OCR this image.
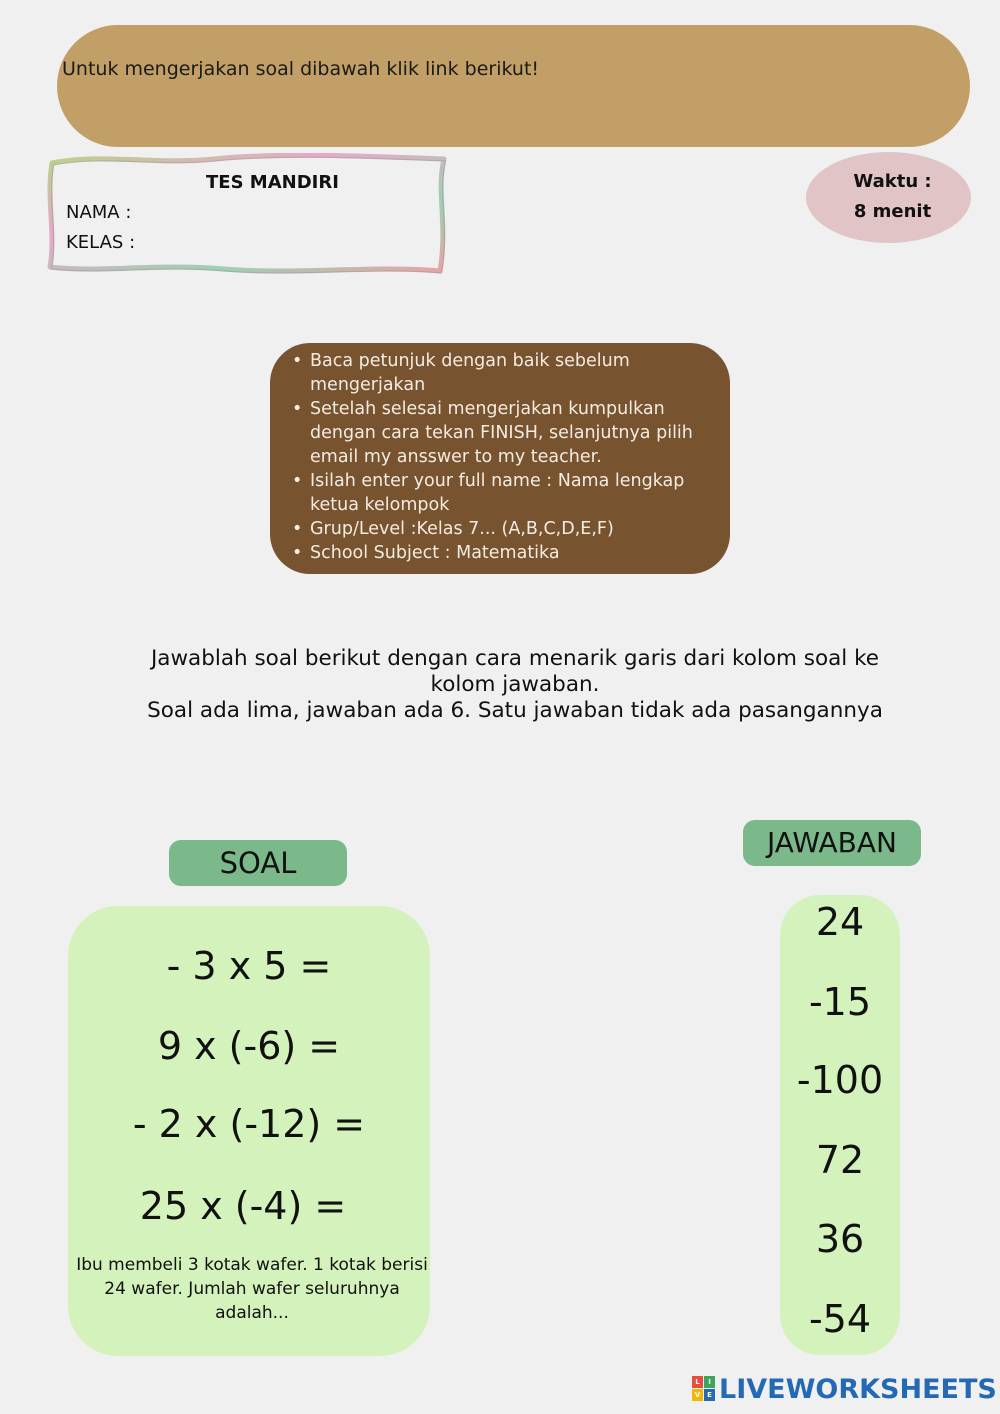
Untuk mengerjakan soal dibawah klik link berikut!
TES MANDIRI
NAMA :
KELAS :
Waktu :
8 menit
• Baca petunjuk dengan baik sebelum mengerjakan
• Setelah selesai mengerjakan kumpulkan dengan cara tekan FINISH, selanjutnya pilih email my ansswer to my teacher.
• Isilah enter your full name : Nama lengkap ketua kelompok
• Grup/Level :Kelas 7... (A,B,C,D,E,F)
• School Subject : Matematika
Jawablah soal berikut dengan cara menarik garis dari kolom soal ke kolom jawaban.
Soal ada lima, jawaban ada 6. Satu jawaban tidak ada pasangannya
SOAL
- 3 x 5 =
9 x (-6) =
- 2 x (-12) =
25 x (-4) =
Ibu membeli 3 kotak wafer. 1 kotak berisi 24 wafer. Jumlah wafer seluruhnya adalah...
JAWABAN
24
-15
-100
72
36
-54
L	I
V E LIVEWORKSHEETS
